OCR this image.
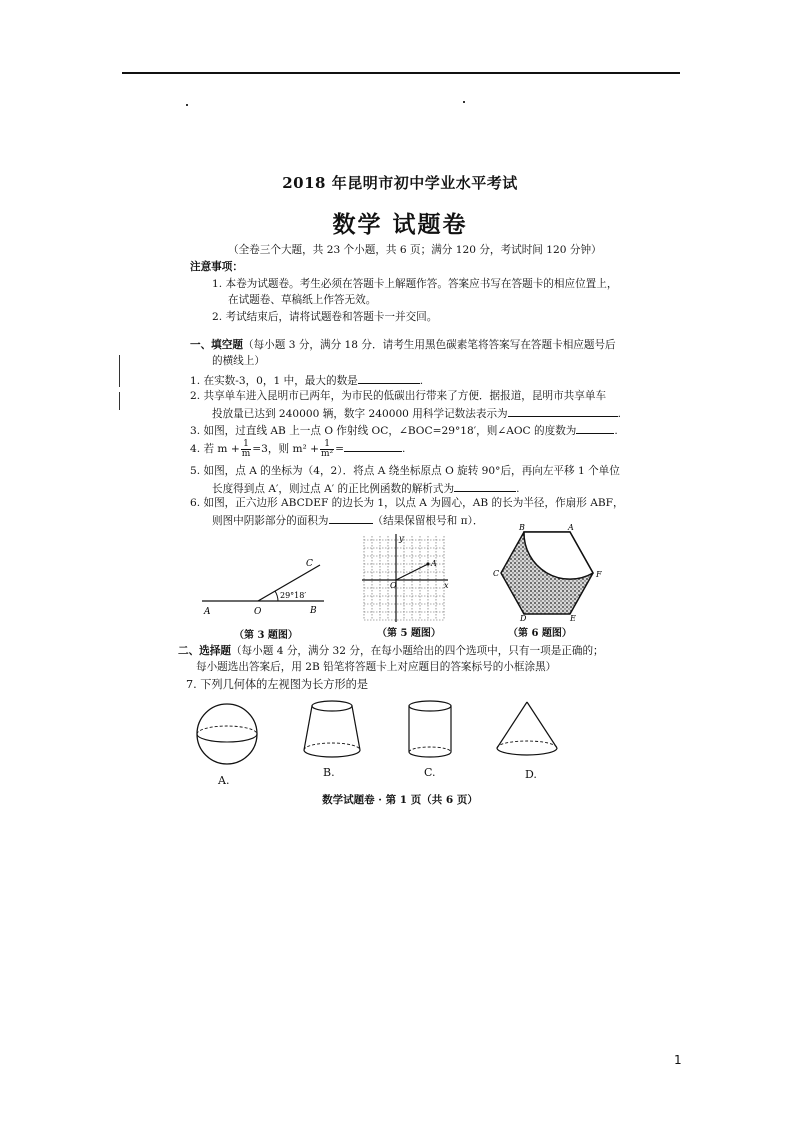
2018 年昆明市初中学业水平考试
数学 试题卷
（全卷三个大题，共 23 个小题，共 6 页；满分 120 分，考试时间 120 分钟）
注意事项：
1. 本卷为试题卷。考生必须在答题卡上解题作答。答案应书写在答题卡的相应位置上，
在试题卷、草稿纸上作答无效。
2. 考试结束后，请将试题卷和答题卡一并交回。
一、填空题（每小题 3 分，满分 18 分．请考生用黑色碳素笔将答案写在答题卡相应题号后
的横线上）
1. 在实数-3，0，1 中，最大的数是	.
2. 共享单车进入昆明市已两年，为市民的低碳出行带来了方便．据报道，昆明市共享单车
投放量已达到 240000 辆，数字 240000 用科学记数法表示为	.
3. 如图，过直线 AB 上一点 O 作射线 OC，∠BOC=29°18′，则∠AOC 的度数为	.
4. 若 $m + \frac{1}{m} =3$，则 $m^2 + \frac{1}{\text{m²}}$ =	.
5. 如图，点 A 的坐标为（4，2）．将点 A 绕坐标原点 O 旋转 90°后，再向左平移 1 个单位
长度得到点 A′，则过点 A′ 的正比例函数的解析式为	.
6. 如图，正六边形 ABCDEF 的边长为 1，以点 A 为圆心，AB 的长为半径，作扇形 ABF，
则图中阴影部分的面积为	（结果保留根号和 π）．
A	O	B
C
29°18′
（第 3 题图）
y
x
O
A
（第 5 题图）
B	A
C	F
D	E
（第 6 题图）
二、选择题（每小题 4 分，满分 32 分，在每小题给出的四个选项中，只有一项是正确的；
每小题选出答案后，用 2B 铅笔将答题卡上对应题目的答案标号的小框涂黑）
7. 下列几何体的左视图为长方形的是
A.
B.	C.	D.
数学试题卷 · 第 1 页（共 6 页）
1
